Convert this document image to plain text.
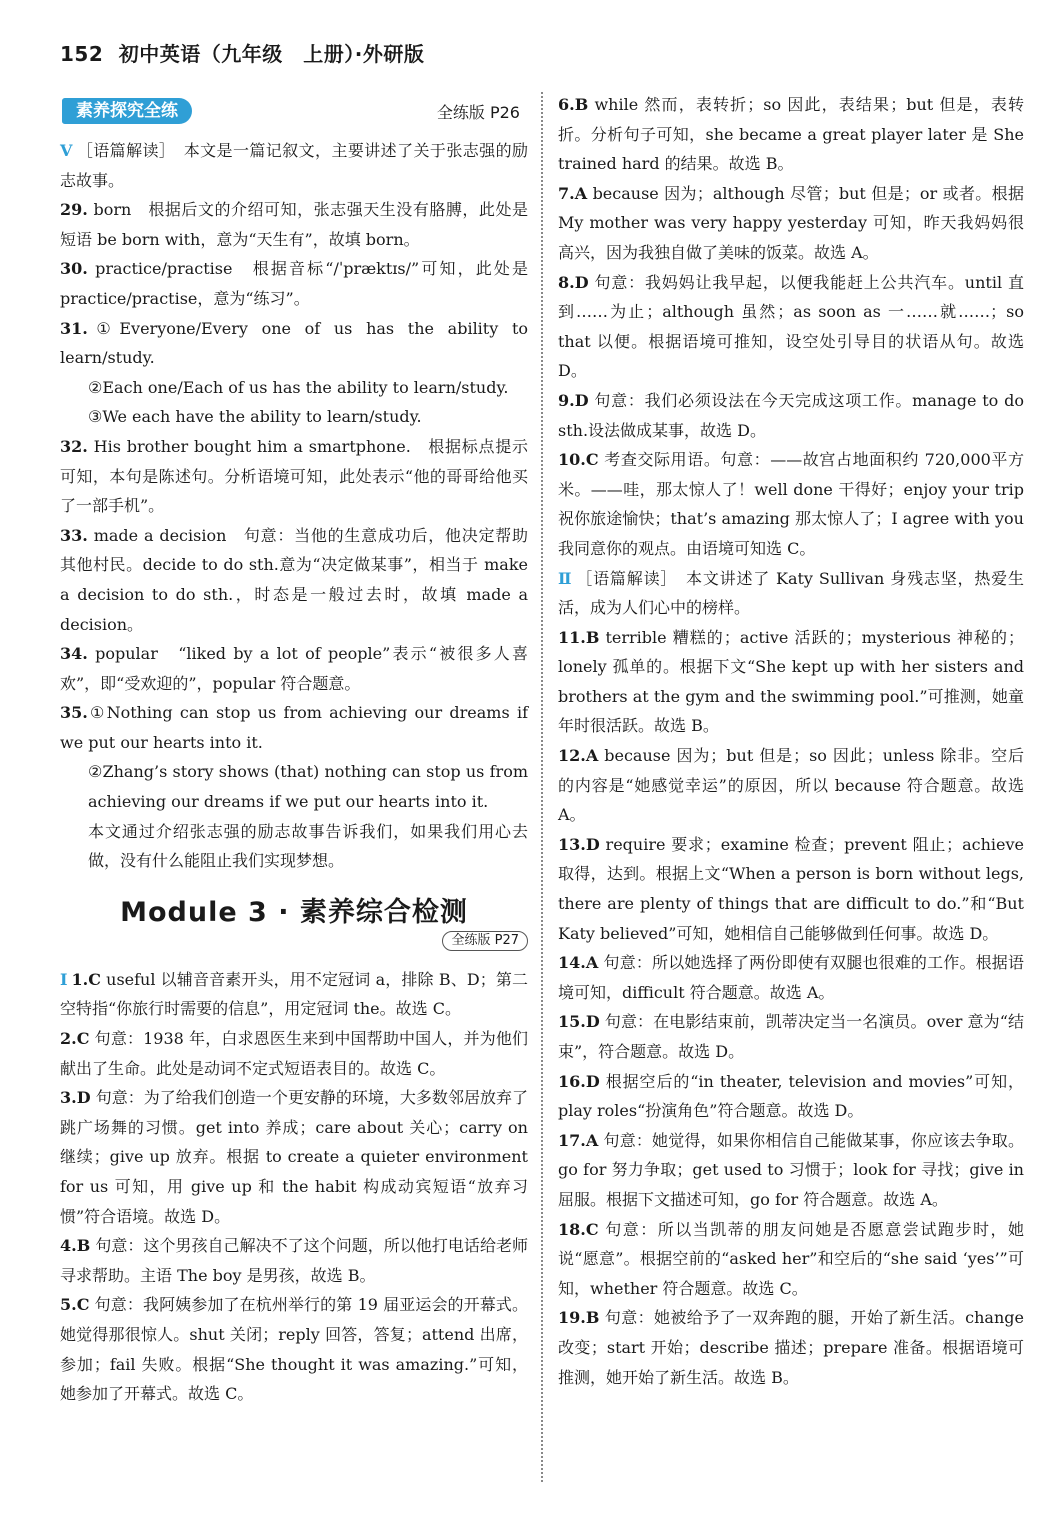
152 初中英语（九年级　上册）·外研版
素养探究全练	全练版 P26

Ⅴ ［语篇解读］　本文是一篇记叙文，主要讲述了关于张志强的励志故事。

29. born　根据后文的介绍可知，张志强天生没有胳膊，此处是短语 be born with，意为“天生有”，故填 born。

30. practice/practise　根据音标“/ˈpræktɪs/”可知，此处是 practice/practise，意为“练习”。

31.①Everyone/Every one of us has the ability to learn/study.

②Each one/Each of us has the ability to learn/study.

③We each have the ability to learn/study.

32. His brother bought him a smartphone.　根据标点提示可知，本句是陈述句。分析语境可知，此处表示“他的哥哥给他买了一部手机”。

33. made a decision　句意：当他的生意成功后，他决定帮助其他村民。decide to do sth.意为“决定做某事”，相当于 make a decision to do sth.，时态是一般过去时，故填 made a decision。

34. popular　“liked by a lot of people”表示“被很多人喜欢”，即“受欢迎的”，popular 符合题意。

35.①Nothing can stop us from achieving our dreams if we put our hearts into it.

②Zhang’s story shows (that) nothing can stop us from achieving our dreams if we put our hearts into it.

本文通过介绍张志强的励志故事告诉我们，如果我们用心去做，没有什么能阻止我们实现梦想。

Module 3 · 素养综合检测
全练版 P27

Ⅰ 1.C useful 以辅音音素开头，用不定冠词 a，排除 B、D；第二空特指“你旅行时需要的信息”，用定冠词 the。故选 C。

2.C 句意：1938 年，白求恩医生来到中国帮助中国人，并为他们献出了生命。此处是动词不定式短语表目的。故选 C。

3.D 句意：为了给我们创造一个更安静的环境，大多数邻居放弃了跳广场舞的习惯。get into 养成；care about 关心；carry on 继续；give up 放弃。根据 to create a quieter environment for us 可知，用 give up 和 the habit 构成动宾短语“放弃习惯”符合语境。故选 D。

4.B 句意：这个男孩自己解决不了这个问题，所以他打电话给老师寻求帮助。主语 The boy 是男孩，故选 B。

5.C 句意：我阿姨参加了在杭州举行的第 19 届亚运会的开幕式。她觉得那很惊人。shut 关闭；reply 回答，答复；attend 出席，参加；fail 失败。根据“She thought it was amazing.”可知，她参加了开幕式。故选 C。

6.B while 然而，表转折；so 因此，表结果；but 但是，表转折。分析句子可知，she became a great player later 是 She trained hard 的结果。故选 B。

7.A because 因为；although 尽管；but 但是；or 或者。根据 My mother was very happy yesterday 可知，昨天我妈妈很高兴，因为我独自做了美味的饭菜。故选 A。

8.D 句意：我妈妈让我早起，以便我能赶上公共汽车。until 直到……为止；although 虽然；as soon as 一……就……；so that 以便。根据语境可推知，设空处引导目的状语从句。故选 D。

9.D 句意：我们必须设法在今天完成这项工作。manage to do sth.设法做成某事，故选 D。

10.C 考查交际用语。句意：——故宫占地面积约 720,000平方米。——哇，那太惊人了！well done 干得好；enjoy your trip 祝你旅途愉快；that’s amazing 那太惊人了；I agree with you 我同意你的观点。由语境可知选 C。

Ⅱ ［语篇解读］　本文讲述了 Katy Sullivan 身残志坚，热爱生活，成为人们心中的榜样。

11.B terrible 糟糕的；active 活跃的；mysterious 神秘的；lonely 孤单的。根据下文“She kept up with her sisters and brothers at the gym and the swimming pool.”可推测，她童年时很活跃。故选 B。

12.A because 因为；but 但是；so 因此；unless 除非。空后的内容是“她感觉幸运”的原因，所以 because 符合题意。故选 A。

13.D require 要求；examine 检查；prevent 阻止；achieve 取得，达到。根据上文“When a person is born without legs, there are plenty of things that are difficult to do.”和“But Katy believed”可知，她相信自己能够做到任何事。故选 D。

14.A 句意：所以她选择了两份即使有双腿也很难的工作。根据语境可知，difficult 符合题意。故选 A。

15.D 句意：在电影结束前，凯蒂决定当一名演员。over 意为“结束”，符合题意。故选 D。

16.D 根据空后的“in theater, television and movies”可知，play roles“扮演角色”符合题意。故选 D。

17.A 句意：她觉得，如果你相信自己能做某事，你应该去争取。go for 努力争取；get used to 习惯于；look for 寻找；give in 屈服。根据下文描述可知，go for 符合题意。故选 A。

18.C 句意：所以当凯蒂的朋友问她是否愿意尝试跑步时，她说“愿意”。根据空前的“asked her”和空后的“she said ‘yes’”可知，whether 符合题意。故选 C。

19.B 句意：她被给予了一双奔跑的腿，开始了新生活。change 改变；start 开始；describe 描述；prepare 准备。根据语境可推测，她开始了新生活。故选 B。
